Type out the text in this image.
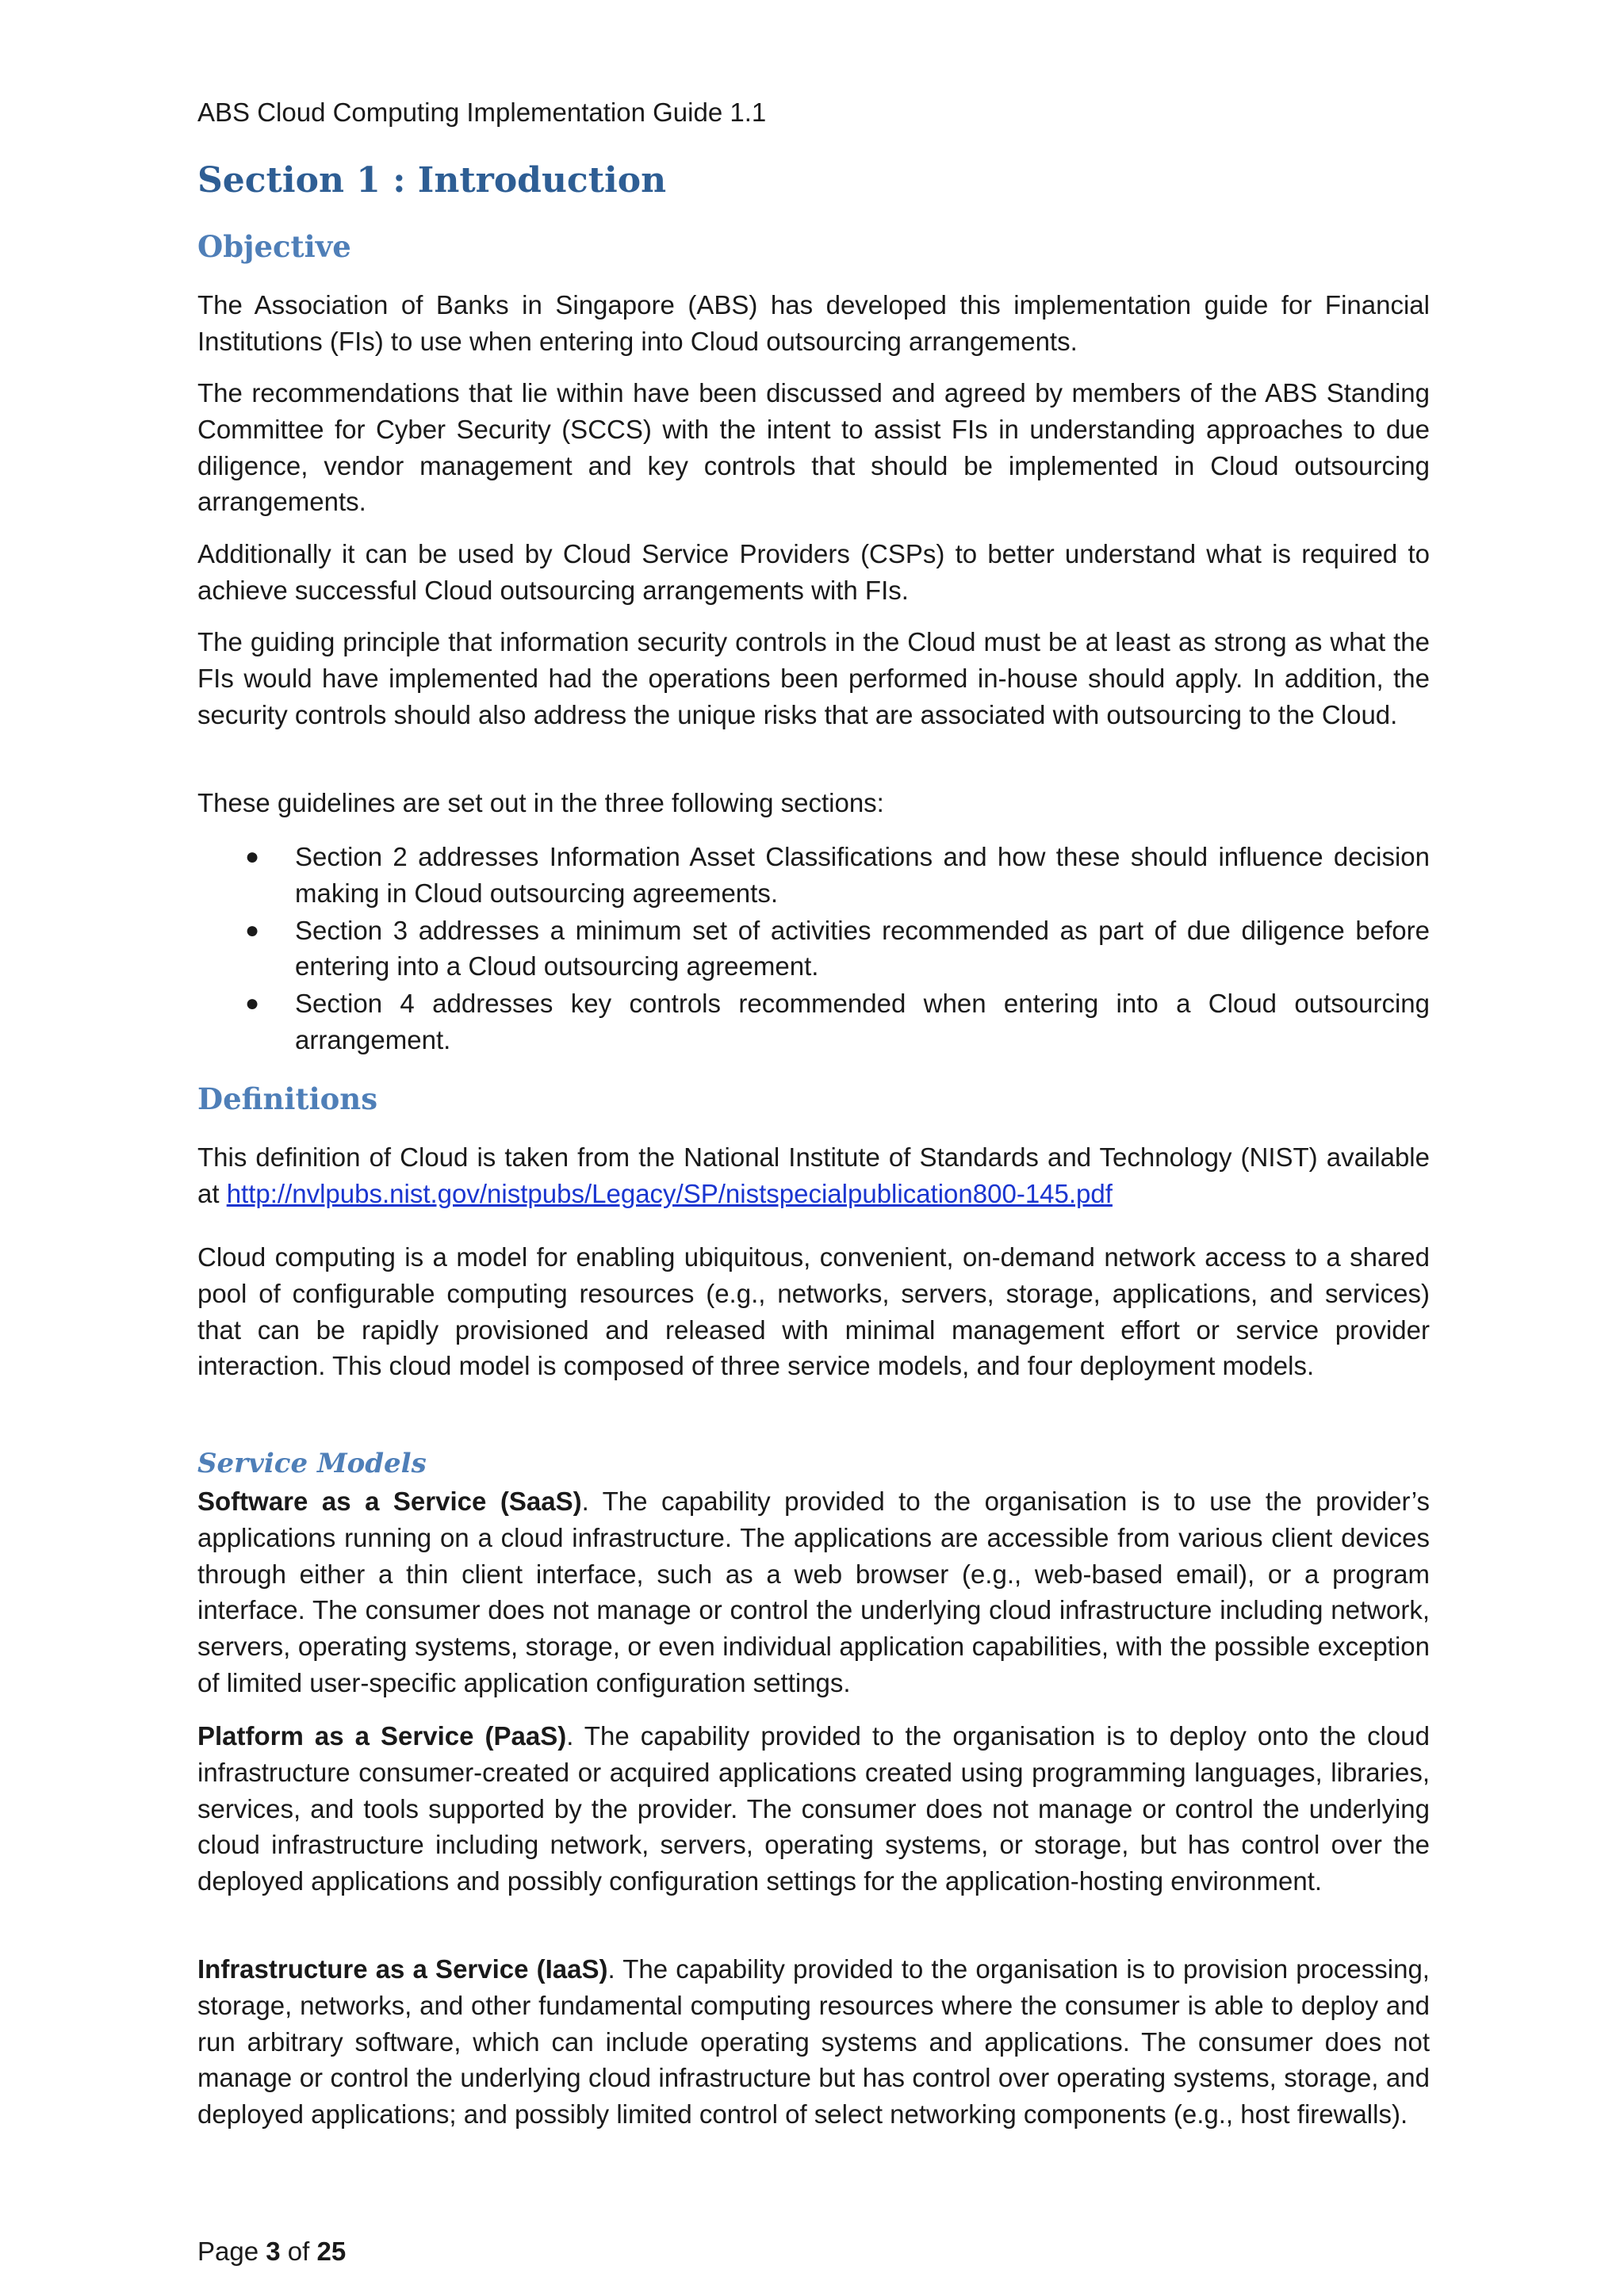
ABS Cloud Computing Implementation Guide 1.1
Section 1 : Introduction
Objective

The Association of Banks in Singapore (ABS) has developed this implementation guide for Financial Institutions (FIs) to use when entering into Cloud outsourcing arrangements.

The recommendations that lie within have been discussed and agreed by members of the ABS Standing Committee for Cyber Security (SCCS) with the intent to assist FIs in understanding approaches to due diligence, vendor management and key controls that should be implemented in Cloud outsourcing arrangements.

Additionally it can be used by Cloud Service Providers (CSPs) to better understand what is required to achieve successful Cloud outsourcing arrangements with FIs.

The guiding principle that information security controls in the Cloud must be at least as strong as what the FIs would have implemented had the operations been performed in-house should apply. In addition, the security controls should also address the unique risks that are associated with outsourcing to the Cloud.

These guidelines are set out in the three following sections:

● Section 2 addresses Information Asset Classifications and how these should influence decision making in Cloud outsourcing agreements.
● Section 3 addresses a minimum set of activities recommended as part of due diligence before entering into a Cloud outsourcing agreement.
● Section 4 addresses key controls recommended when entering into a Cloud outsourcing arrangement.
Definitions

This definition of Cloud is taken from the National Institute of Standards and Technology (NIST) available at http://nvlpubs.nist.gov/nistpubs/Legacy/SP/nistspecialpublication800-145.pdf

Cloud computing is a model for enabling ubiquitous, convenient, on-demand network access to a shared pool of configurable computing resources (e.g., networks, servers, storage, applications, and services) that can be rapidly provisioned and released with minimal management effort or service provider interaction. This cloud model is composed of three service models, and four deployment models.

Service Models

Software as a Service (SaaS). The capability provided to the organisation is to use the provider’s applications running on a cloud infrastructure. The applications are accessible from various client devices through either a thin client interface, such as a web browser (e.g., web-based email), or a program interface. The consumer does not manage or control the underlying cloud infrastructure including network, servers, operating systems, storage, or even individual application capabilities, with the possible exception of limited user-specific application configuration settings.

Platform as a Service (PaaS). The capability provided to the organisation is to deploy onto the cloud infrastructure consumer-created or acquired applications created using programming languages, libraries, services, and tools supported by the provider. The consumer does not manage or control the underlying cloud infrastructure including network, servers, operating systems, or storage, but has control over the deployed applications and possibly configuration settings for the application-hosting environment.

Infrastructure as a Service (IaaS). The capability provided to the organisation is to provision processing, storage, networks, and other fundamental computing resources where the consumer is able to deploy and run arbitrary software, which can include operating systems and applications. The consumer does not manage or control the underlying cloud infrastructure but has control over operating systems, storage, and deployed applications; and possibly limited control of select networking components (e.g., host firewalls).

Page 3 of 25
